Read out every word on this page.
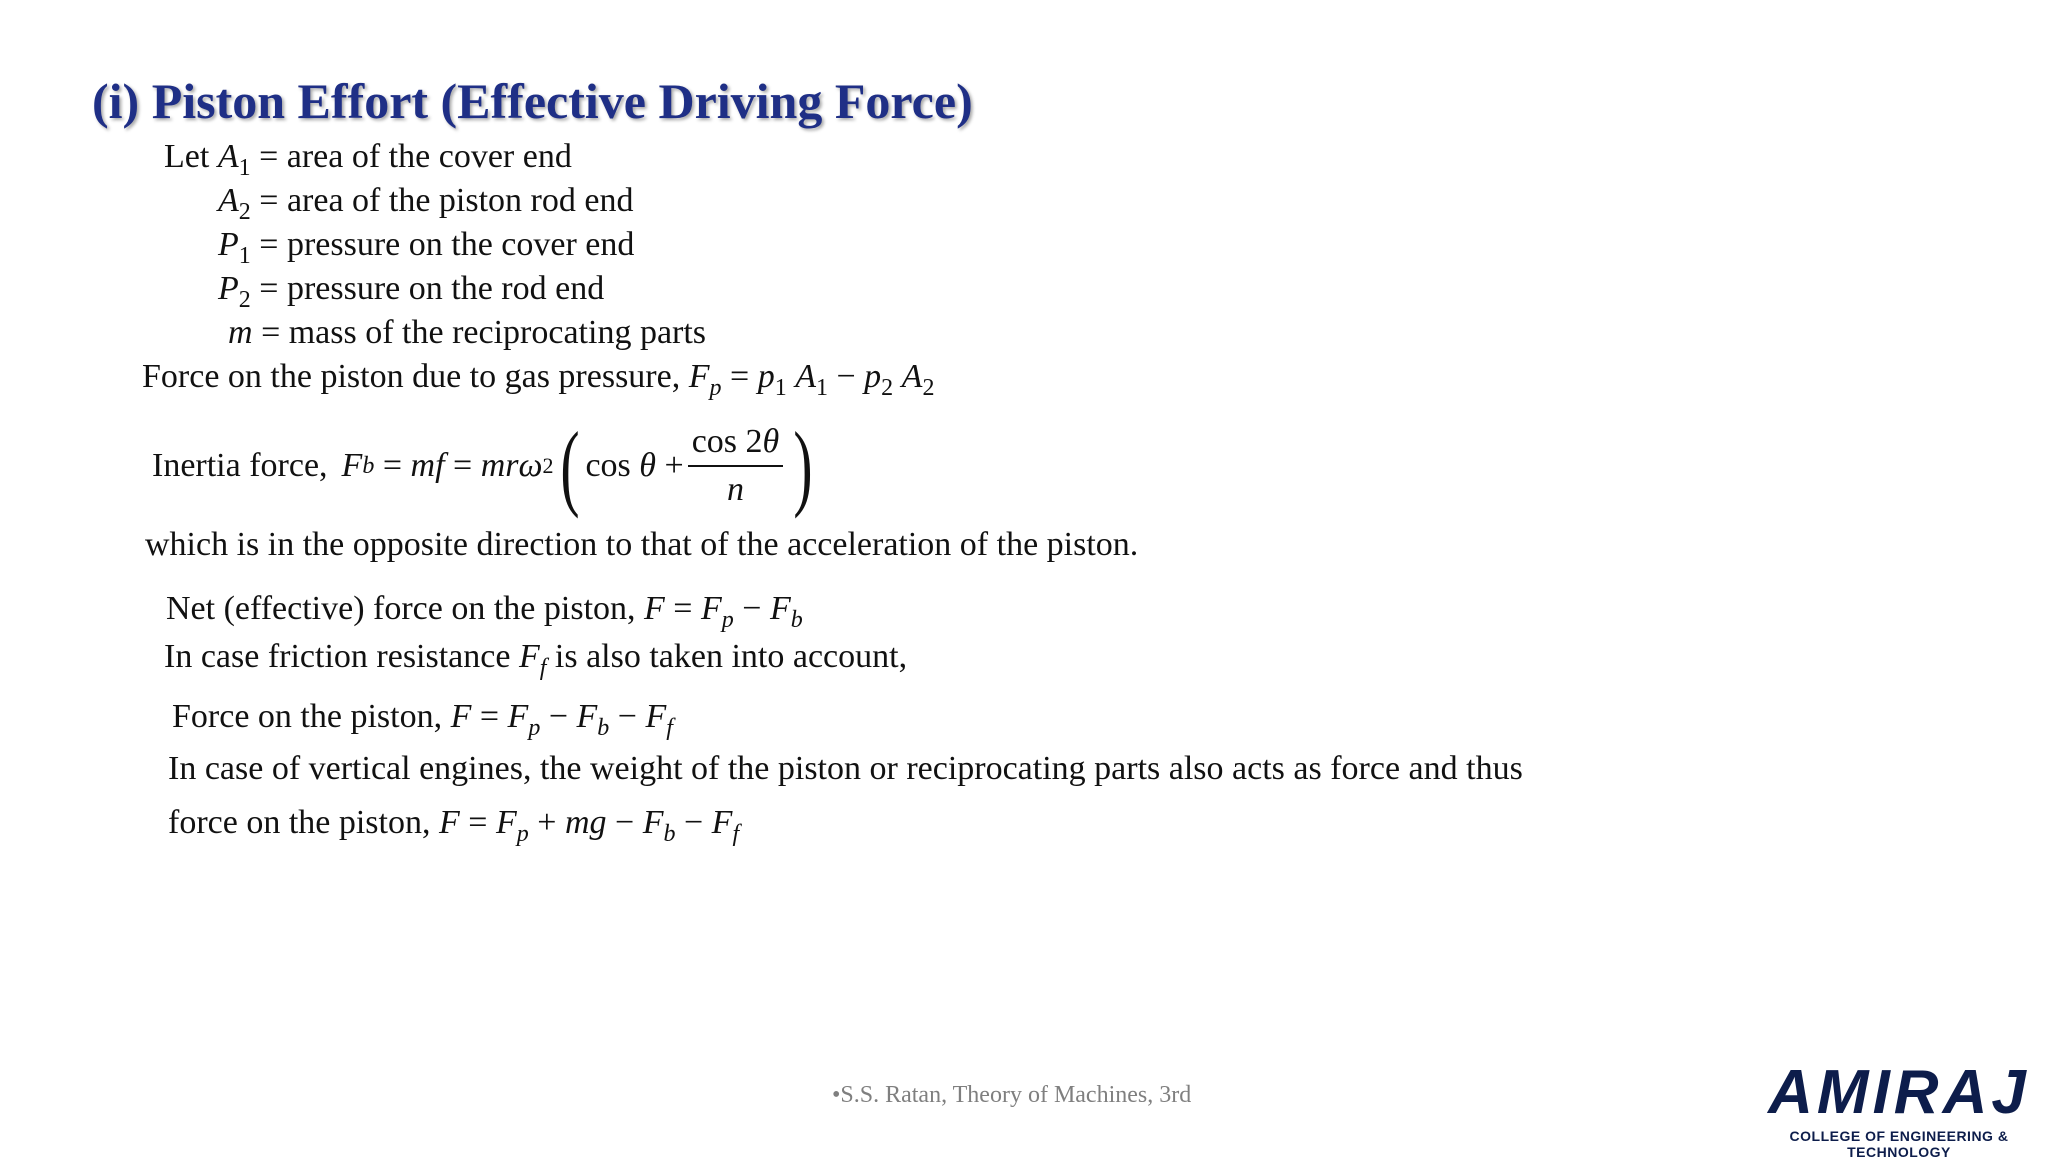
(i) Piston Effort (Effective Driving Force)
Let $A_1$ = area of the cover end
$A_2$ = area of the piston rod end
$P_1$ = pressure on the cover end
$P_2$ = pressure on the rod end
m = mass of the reciprocating parts
Force on the piston due to gas pressure, $F_p = p_1$ $A_1 - p_2$ $A_2$
Inertia force, F b = mf = mrω 2 ( $\cos \theta + \frac{\cos 2\theta}{n}$ )
which is in the opposite direction to that of the acceleration of the piston.
Net (effective) force on the piston, $F = F_p - F_b$
In case friction resistance $F_f$ is also taken into account,
Force on the piston, $F = F_p - F_b - F_f$
In case of vertical engines, the weight of the piston or reciprocating parts also acts as force and thus
force on the piston, $F = F_p$ + mg − $F_b - F_f$
•S.S. Ratan, Theory of Machines, 3rd	AMIRAJ
COLLEGE OF ENGINEERING & TECHNOLOGY
